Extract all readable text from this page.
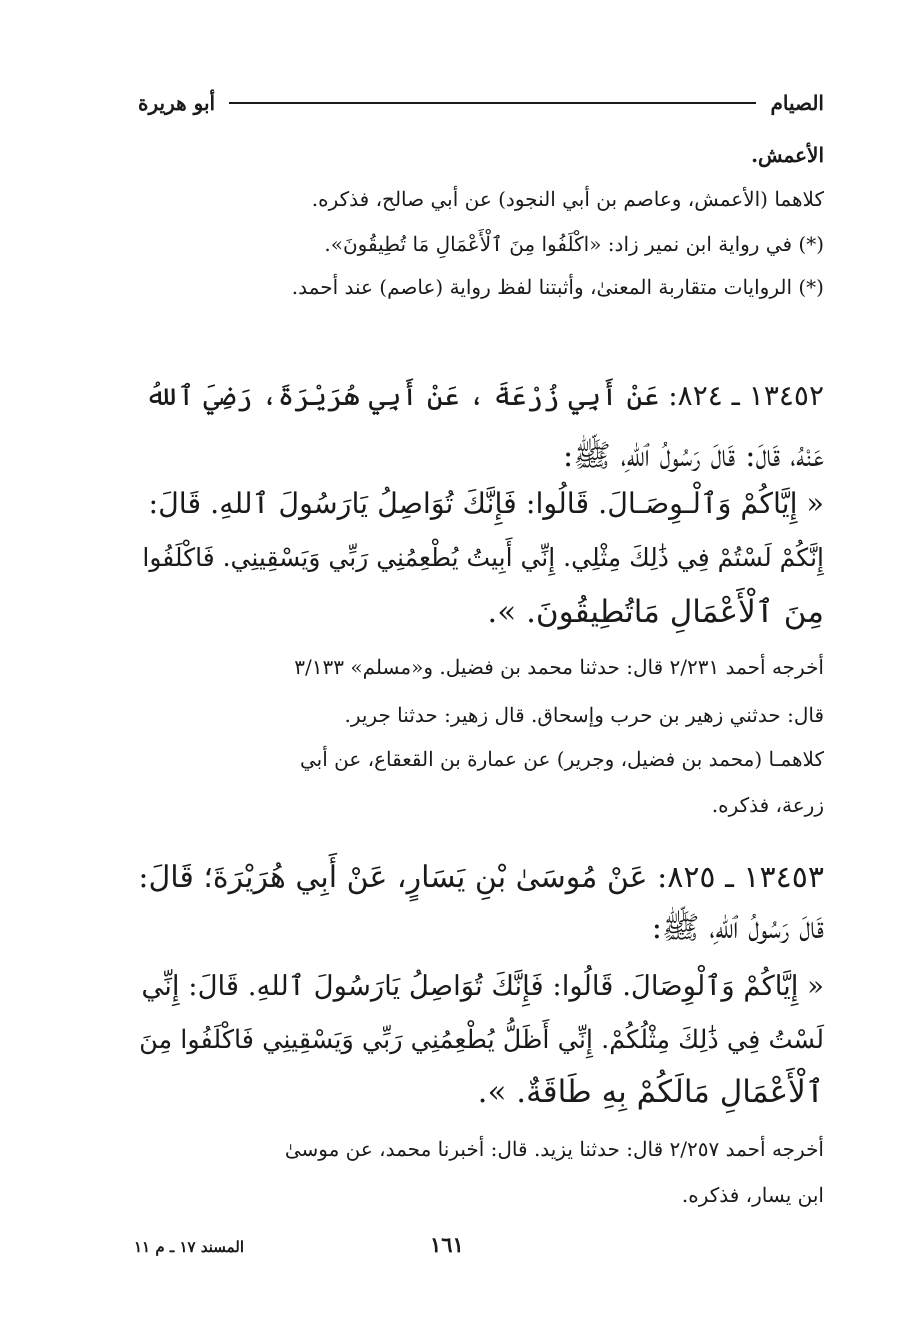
الصيام
أبو هريرة
الأعمش.
كلاهما (الأعمش، وعاصم بن أبي النجود) عن أبي صالح، فذكره.
(*) في رواية ابن نمير زاد: «اكْلَفُوا مِنَ ٱلْأَعْمَالِ مَا تُطِيقُونَ».
(*) الروايات متقاربة المعنىٰ، وأثبتنا لفظ رواية (عاصم) عند أحمد.
١٣٤٥٢ ـ ٨٢٤: عَنْ أَبِي زُرْعَةَ ، عَنْ أَبِي هُرَيْرَةَ، رَضِيَ ٱللهُ
عَنْهُ، قَالَ: قَالَ رَسُولُ ٱللهِ، ﷺ:
« إِيَّاكُمْ وَٱلْـوِصَـالَ. قَالُوا: فَإِنَّكَ تُوَاصِلُ يَارَسُولَ ٱللهِ. قَالَ:
إِنَّكُمْ لَسْتُمْ فِي ذَٰلِكَ مِثْلِي. إِنِّي أَبِيتُ يُطْعِمُنِي رَبِّي وَيَسْقِينِي. فَاكْلَفُوا
مِنَ ٱلْأَعْمَالِ مَاتُطِيقُونَ. ».
أخرجه أحمد ٢/٢٣١ قال: حدثنا محمد بن فضيل. و«مسلم» ٣/١٣٣
قال: حدثني زهير بن حرب وإسحاق. قال زهير: حدثنا جرير.
كلاهمـا (محمد بن فضيل، وجرير) عن عمارة بن القعقاع، عن أبي
زرعة، فذكره.
١٣٤٥٣ ـ ٨٢٥: عَنْ مُوسَىٰ بْنِ يَسَارٍ، عَنْ أَبِي هُرَيْرَةَ؛ قَالَ:
قَالَ رَسُولُ ٱللهِ، ﷺ:
« إِيَّاكُمْ وَٱلْوِصَالَ. قَالُوا: فَإِنَّكَ تُوَاصِلُ يَارَسُولَ ٱللهِ. قَالَ: إِنِّي
لَسْتُ فِي ذَٰلِكَ مِثْلُكُمْ. إِنِّي أَظَلُّ يُطْعِمُنِي رَبِّي وَيَسْقِينِي فَاكْلَفُوا مِنَ
ٱلْأَعْمَالِ مَالَكُمْ بِهِ طَاقَةٌ. ».
أخرجه أحمد ٢/٢٥٧ قال: حدثنا يزيد. قال: أخبرنا محمد، عن موسىٰ
ابن يسار، فذكره.
المسند ١٧ ـ م ١١	١٦١
